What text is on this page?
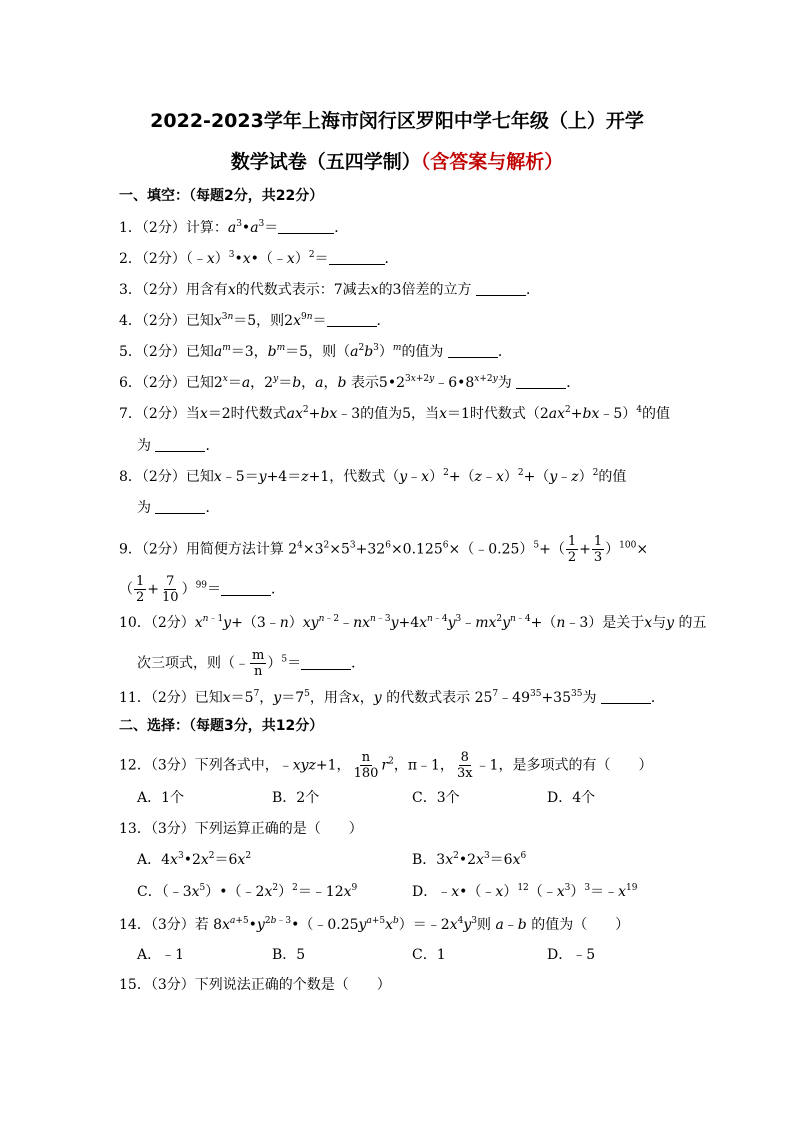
2022-2023学年上海市闵行区罗阳中学七年级（上）开学
数学试卷（五四学制）（含答案与解析）
一、填空：（每题2分，共22分）
1．（2分）计算：$a^3•a^3=$	．
2．（2分）（﹣x）$^3$•x•（﹣x）$^2$＝	．
3．（2分）用含有x的代数式表示：7减去x的3倍差的立方	．
4．（2分）已知$x^{3n}=5$，则$2x^{9n}=$	．
5．（2分）已知$a^m=3$，$b^m=5$，则$(a^2b^3)^m$的值为	．
6．（2分）已知$2^x=a$，$2^y=b$，a，b 表示$5•2^{3x+2y}﹣6•8^{x+2y}$为	．
7．（2分）当x＝2时代数式$ax^2+bx﹣3$的值为5，当x＝1时代数式$(2ax^2+bx﹣5)^4$的值
为	．
8．（2分）已知x﹣5＝y+4＝z+1，代数式（y﹣x）$^2$+（z﹣x）$^2$+（y﹣z）$^2$的值
为	．
9．（2分）用简便方法计算 $2^4\times 3^2\times 5^3+32^6\times 0.125^6\times(﹣0.25)^5+( \frac{1}{2} + \frac{1}{3} )^{100}\times$
（ $\frac{1}{2} + \frac{7}{10} )^{99}=$	．
10．（2分）$x^{n﹣1}y+(3﹣n)xy^{n﹣2}﹣nx^{n﹣3}y+4x^{n﹣4}y^3﹣mx^2y^{n﹣4}+(n﹣3)$是关于x与y 的五
次三项式，则（﹣ $\frac{m}{n} )^5=$	．
11．（2分）已知$x=5^7$，$y=7^5$，用含x，y 的代数式表示 $25^7﹣49^{35}+35^{35}$为	．
二、选择：（每题3分，共12分）
12．（3分）下列各式中，﹣xyz+1， $\frac{n}{180} r^2$，π﹣1， $\frac{8}{3x}$ ﹣1，是多项式的有（　　）
A．1个	B．2个	C．3个	D．4个
13．（3分）下列运算正确的是（　　）
A．$4x^3•2x^2=6x^2$	B．$3x^2•2x^3=6x^6$
C．$(﹣3x^5)•(﹣2x^2)^2=﹣12x^9$	D．$﹣x•(﹣x)^{12}(﹣x^3)^3=﹣x^{19}$
14．（3分）若 $8x^{a+5}•y^{2b﹣3}•(﹣0.25y^{a+5}x^b)=﹣2x^4y^3$则 a﹣b 的值为（　　）
A．﹣1	B．5	C．1	D．﹣5
15．（3分）下列说法正确的个数是（　　）
